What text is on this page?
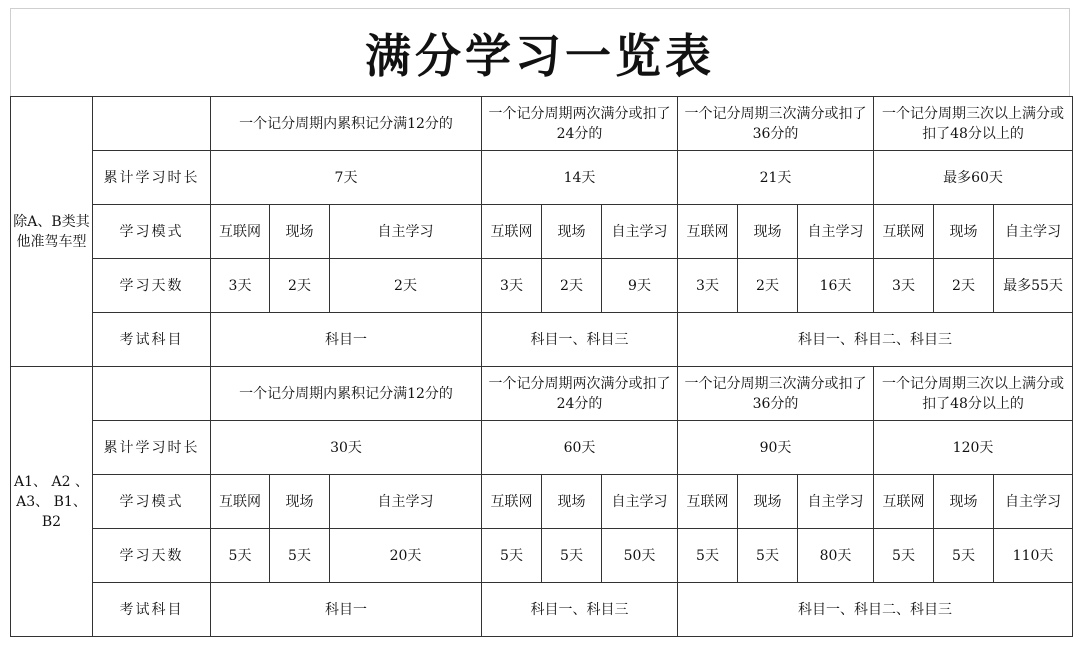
满分学习一览表
除A、B类其他准驾车型		一个记分周期内累积记分满12分的			一个记分周期两次满分或扣了24分的			一个记分周期三次满分或扣了36分的			一个记分周期三次以上满分或扣了48分以上的		
	累计学习时长	7天			14天			21天			最多60天		
	学习模式	互联网	现场	自主学习	互联网	现场	自主学习	互联网	现场	自主学习	互联网	现场	自主学习
	学习天数	3天	2天	2天	3天	2天	9天	3天	2天	16天	3天	2天	最多55天
	考试科目	科目一			科目一、科目三			科目一、科目二、科目三					
A1、 A2 、 A3、 B1、B2		一个记分周期内累积记分满12分的			一个记分周期两次满分或扣了24分的			一个记分周期三次满分或扣了36分的			一个记分周期三次以上满分或扣了48分以上的		
	累计学习时长	30天			60天			90天			120天		
	学习模式	互联网	现场	自主学习	互联网	现场	自主学习	互联网	现场	自主学习	互联网	现场	自主学习
	学习天数	5天	5天	20天	5天	5天	50天	5天	5天	80天	5天	5天	110天
	考试科目	科目一			科目一、科目三			科目一、科目二、科目三					
